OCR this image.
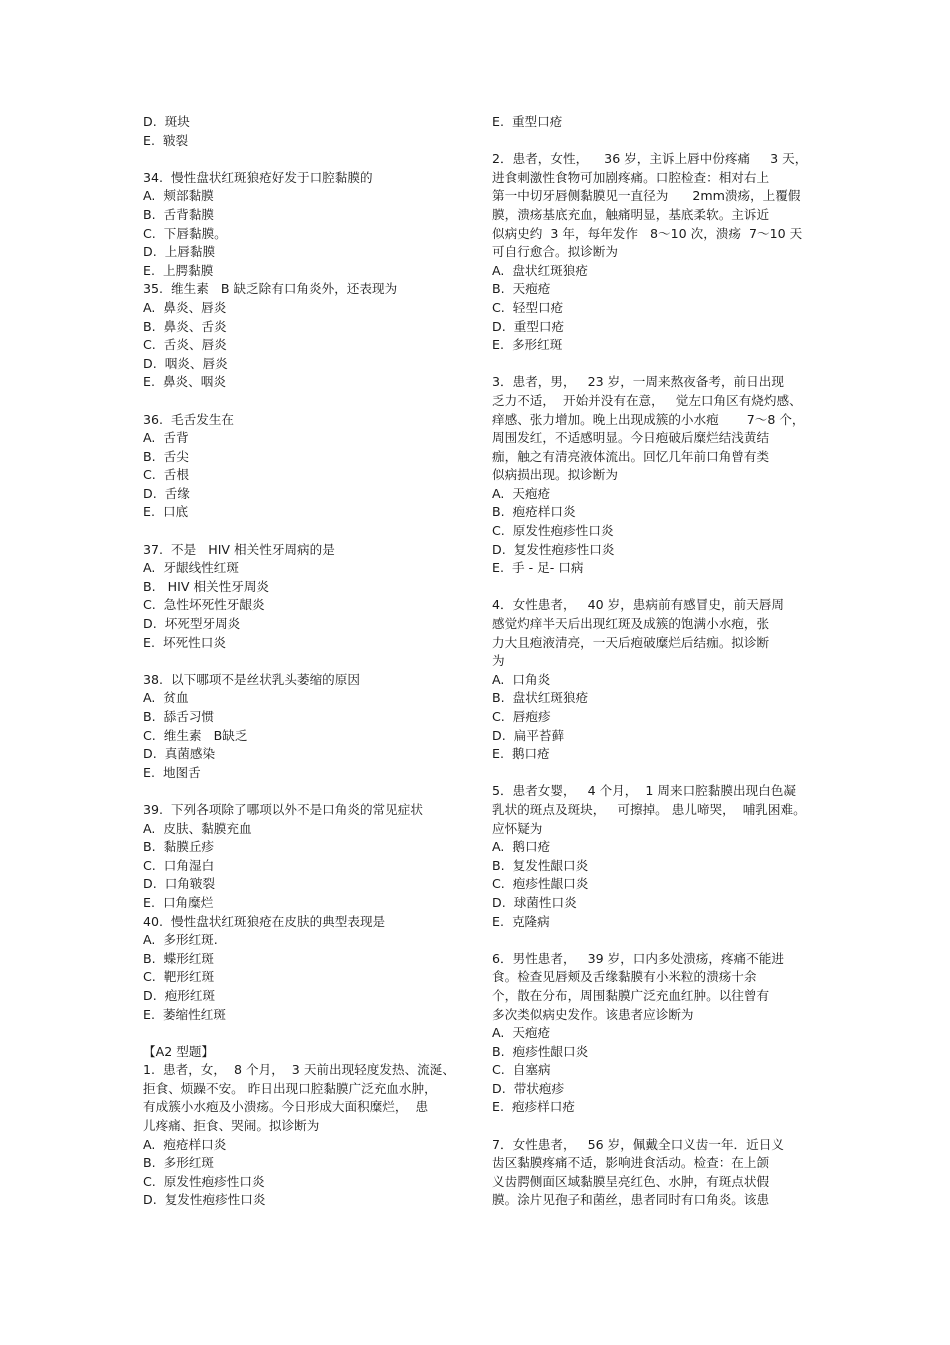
D.  斑块
E.  皲裂
34.  慢性盘状红斑狼疮好发于口腔黏膜的
A.  颊部黏膜
B.  舌背黏膜
C.  下唇黏膜。
D.  上唇黏膜
E.  上腭黏膜
35.  维生素   B 缺乏除有口角炎外，还表现为
A.  鼻炎、唇炎
B.  鼻炎、舌炎
C.  舌炎、唇炎
D.  咽炎、唇炎
E.  鼻炎、咽炎
36.  毛舌发生在
A.  舌背
B.  舌尖
C.  舌根
D.  舌缘
E.  口底
37.  不是   HIV 相关性牙周病的是
A.  牙龈线性红斑
B.   HIV 相关性牙周炎
C.  急性坏死性牙龈炎
D.  坏死型牙周炎
E.  坏死性口炎
38.  以下哪项不是丝状乳头萎缩的原因
A.  贫血
B.  舔舌习惯
C.  维生素   B缺乏
D.  真菌感染
E.  地图舌
39.  下列各项除了哪项以外不是口角炎的常见症状
A.  皮肤、黏膜充血
B.  黏膜丘疹
C.  口角湿白
D.  口角皲裂
E.  口角糜烂
40.  慢性盘状红斑狼疮在皮肤的典型表现是
A.  多形红斑.
B.  蝶形红斑
C.  靶形红斑
D.  疱形红斑
E.  萎缩性红斑
【A2 型题】
1.  患者，女，  8 个月，  3 天前出现轻度发热、流涎、
拒食、烦躁不安。 昨日出现口腔黏膜广泛充血水肿，
有成簇小水疱及小溃疡。今日形成大面积糜烂，  患
儿疼痛、拒食、哭闹。拟诊断为
A.  疱疮样口炎
B.  多形红斑
C.  原发性疱疹性口炎
D.  复发性疱疹性口炎
E.  重型口疮
2．患者，女性，    36 岁，主诉上唇中份疼痛     3 天，
进食刺激性食物可加剧疼痛。口腔检查：相对右上
第一中切牙唇侧黏膜见一直径为      2mm溃疡，上覆假
膜，溃疡基底充血，触痛明显，基底柔软。主诉近
似病史约  3 年，每年发作   8～10 次，溃疡  7～10 天
可自行愈合。拟诊断为
A.  盘状红斑狼疮
B.  天疱疮
C.  轻型口疮
D.  重型口疮
E.  多形红斑
3．患者，男，   23 岁，一周来熬夜备考，前日出现
乏力不适，  开始并没有在意，   觉左口角区有烧灼感、
痒感、张力增加。晚上出现成簇的小水疱       7～8 个，
周围发红，不适感明显。今日疱破后糜烂结浅黄结
痂，触之有清亮液体流出。回忆几年前口角曾有类
似病损出现。拟诊断为
A.  天疱疮
B.  疱疮样口炎
C.  原发性疱疹性口炎
D.  复发性疱疹性口炎
E.  手 - 足- 口病
4．女性患者，   40 岁，患病前有感冒史，前天唇周
感觉灼痒半天后出现红斑及成簇的饱满小水疱，张
力大且疱液清亮，一天后疱破糜烂后结痂。拟诊断
为
A.  口角炎
B.  盘状红斑狼疮
C.  唇疱疹
D.  扁平苔藓
E.  鹅口疮
5．患者女婴，   4 个月，  1 周来口腔黏膜出现白色凝
乳状的斑点及斑块，   可擦掉。 患儿啼哭，  哺乳困难。
应怀疑为
A.  鹅口疮
B.  复发性龈口炎
C.  疱疹性龈口炎
D.  球菌性口炎
E.  克隆病
6．男性患者，   39 岁，口内多处溃疡，疼痛不能进
食。检查见唇颊及舌缘黏膜有小米粒的溃疡十余
个，散在分布，周围黏膜广泛充血红肿。以往曾有
多次类似病史发作。该患者应诊断为
A.  天疱疮
B.  疱疹性龈口炎
C.  自塞病
D.  带状疱疹
E.  疱疹样口疮
7．女性患者，   56 岁，佩戴全口义齿一年．近日义
齿区黏膜疼痛不适，影响进食活动。检查：在上颌
义齿腭侧面区域黏膜呈亮红色、水肿，有斑点状假
膜。涂片见孢子和菌丝，患者同时有口角炎。该患
